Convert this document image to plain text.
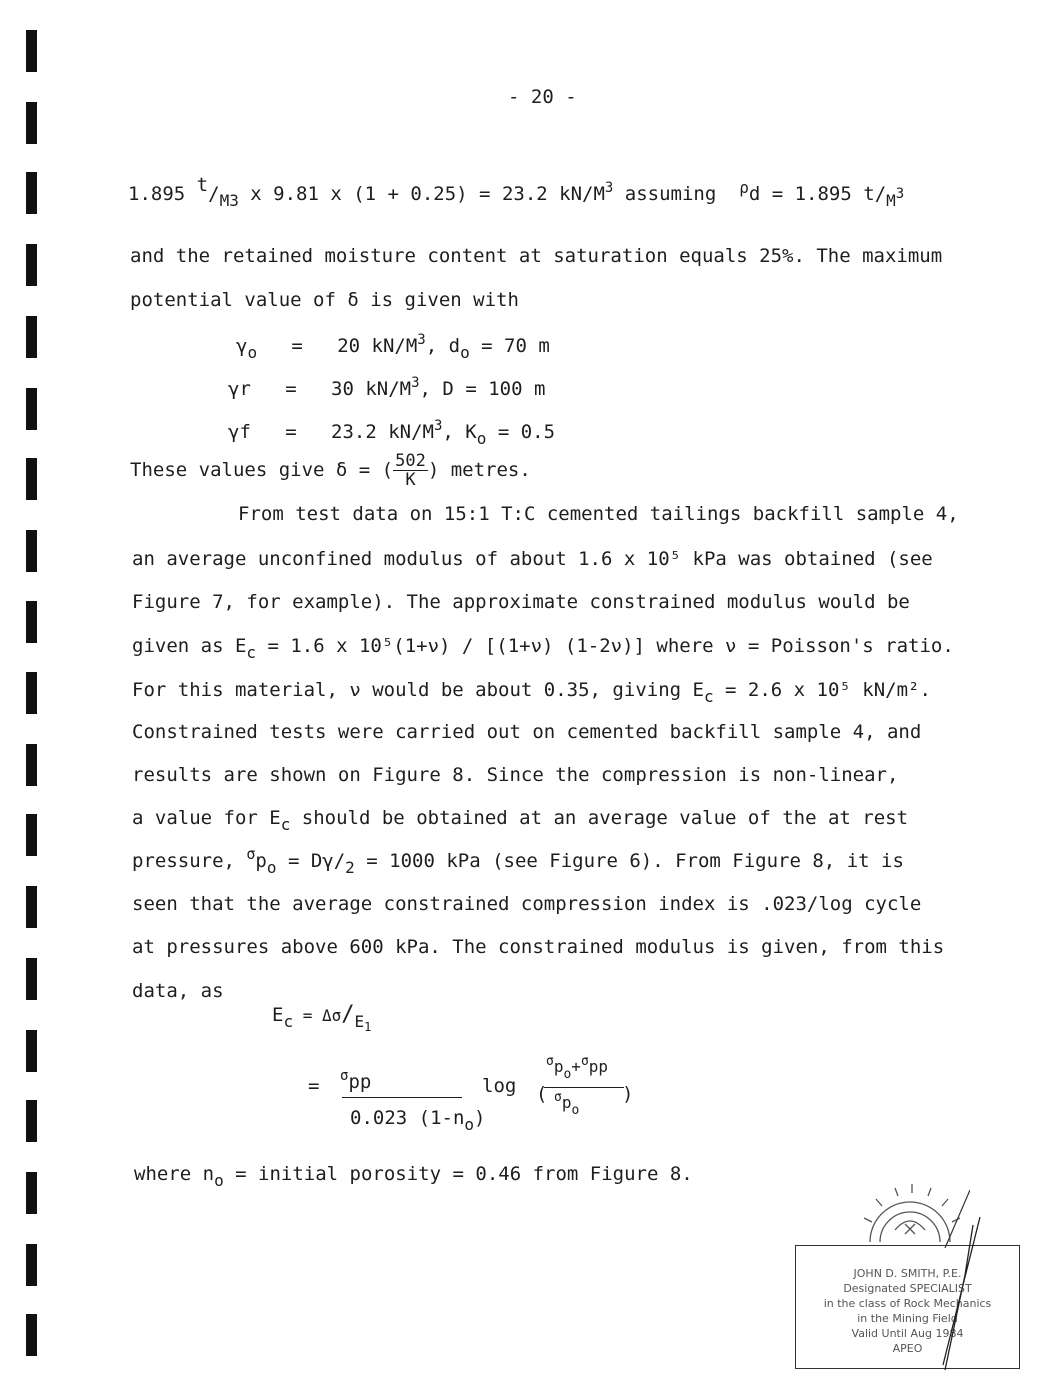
- 20 -
1.895 $t/_{M3}$ x 9.81 x (1 + 0.25) = 23.2 $kN/M^3$ assuming $^\rho$d = 1.895 $t/_M^3$
and the retained moisture content at saturation equals 25%. The maximum
potential value of δ is given with
$\gamma_o = 20$ $kN/M^3$, $d_o = 70$ m
γr = 30 $kN/M^3$, D = 100 m
γf = 23.2 $kN/M^3$, $K_o = 0.5$
These values give δ = ( $\frac{502}{K}$ ) metres.
From test data on 15:1 T:C cemented tailings backfill sample 4,
an average unconfined modulus of about 1.6 x 10⁵ kPa was obtained (see
Figure 7, for example). The approximate constrained modulus would be
given as $E_c = 1.6$ x 10⁵(1+ν) / [(1+ν) (1-2ν)] where ν = Poisson's ratio.
For this material, ν would be about 0.35, giving $E_c = 2.6$ x 10⁵ kN/m².
Constrained tests were carried out on cemented backfill sample 4, and
results are shown on Figure 8. Since the compression is non-linear,
a value for $E_c$ should be obtained at an average value of the at rest
pressure, $^\sigma p_o = D\gamma/_2 = 1000$ kPa (see Figure 6). From Figure 8, it is
seen that the average constrained compression index is .023/log cycle
at pressures above 600 kPa. The constrained modulus is given, from this
data, as
$E_c = \Delta\sigma/_{E1}$
= $^\sigma$pp
0.023 $(1-n_o)$
log (
$^\sigma p_o+^\sigma pp$
$^\sigma p_o$
)
where $n_o$ = initial porosity = 0.46 from Figure 8.
JOHN D. SMITH, P.E.
Designated SPECIALIST
in the class of Rock Mechanics
in the Mining Field
Valid Until Aug 1984
APEO
